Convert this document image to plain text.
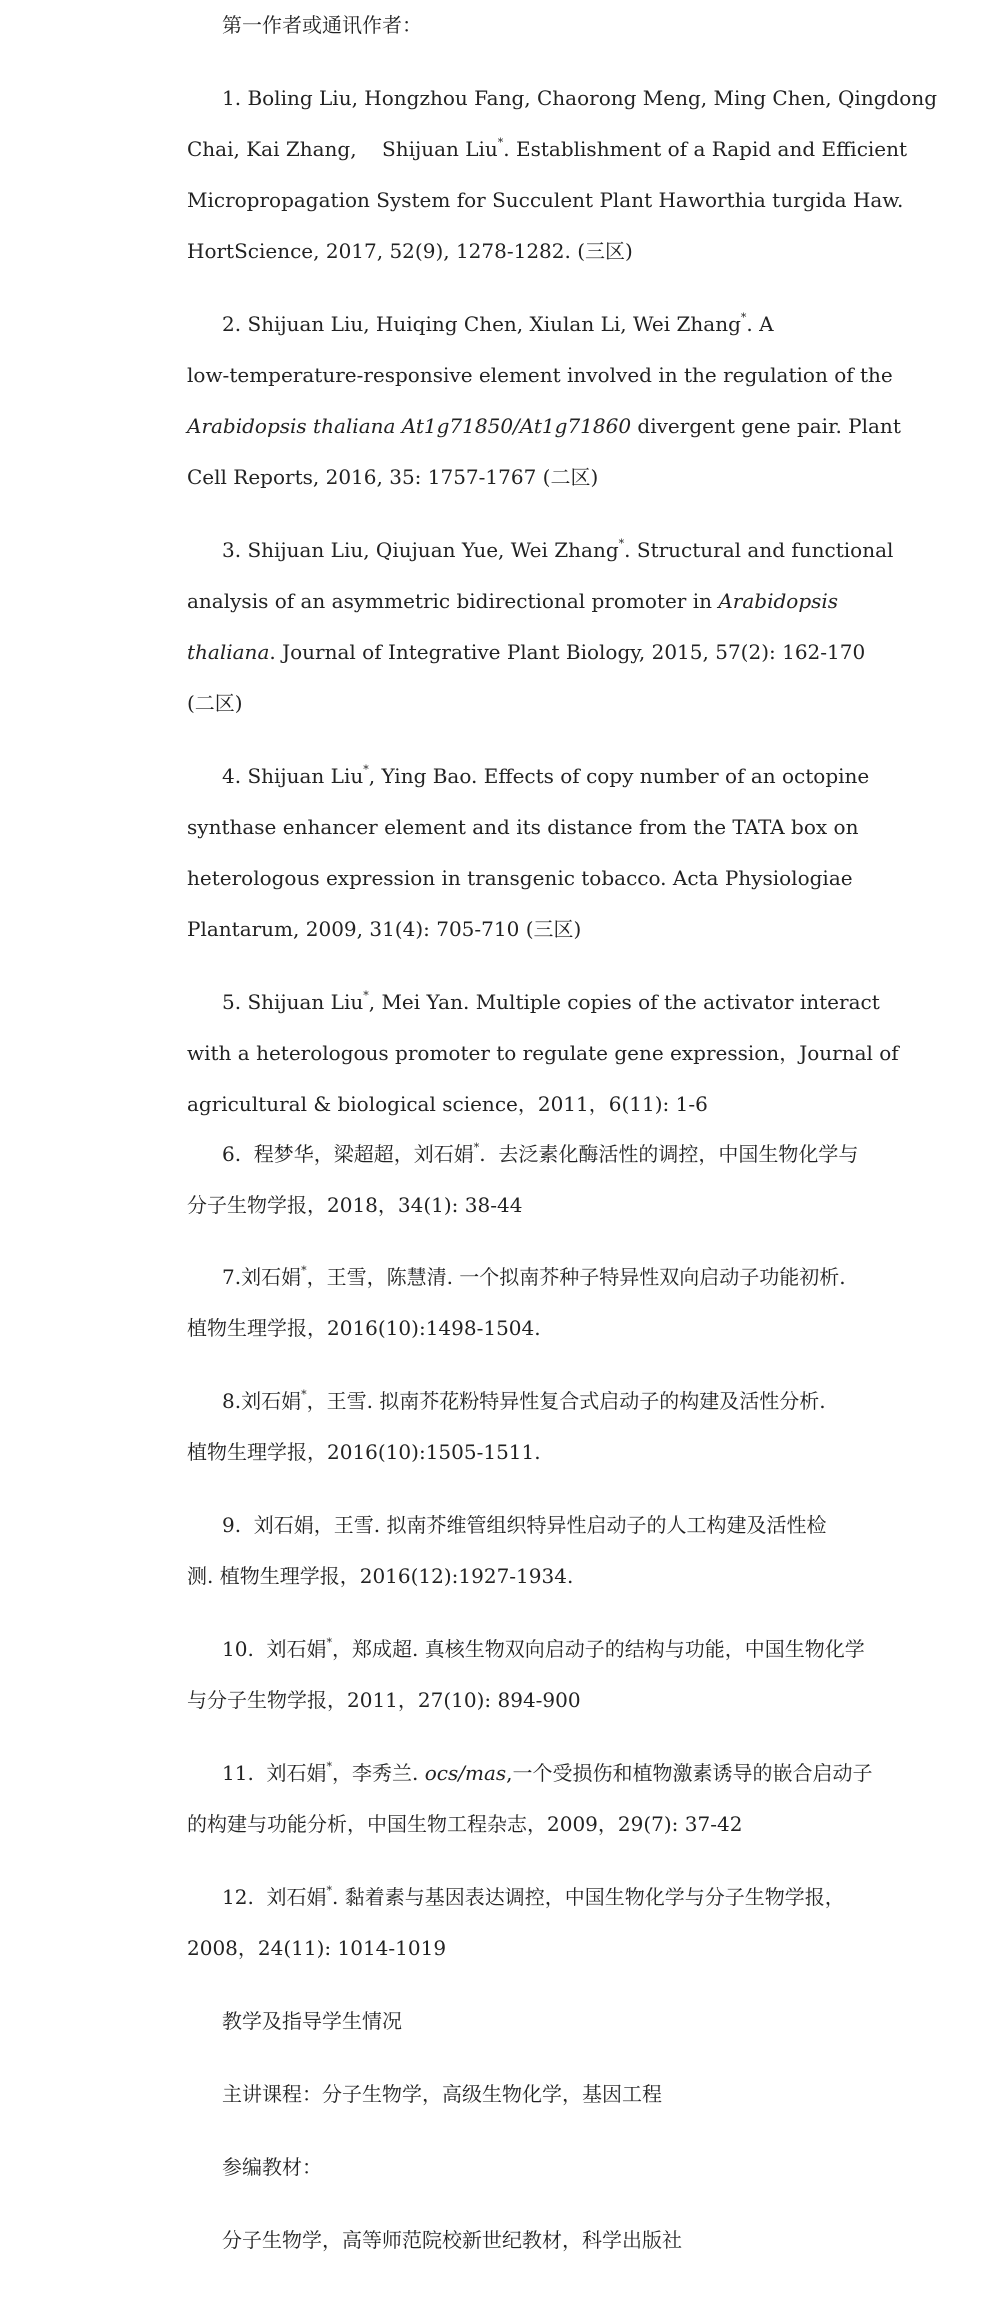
第一作者或通讯作者：
1. Boling Liu, Hongzhou Fang, Chaorong Meng, Ming Chen, Qingdong
Chai, Kai Zhang,    Shijuan Liu*. Establishment of a Rapid and Efficient
Micropropagation System for Succulent Plant Haworthia turgida Haw.
HortScience, 2017, 52(9), 1278-1282. (三区)
2. Shijuan Liu, Huiqing Chen, Xiulan Li, Wei Zhang*. A
low-temperature-responsive element involved in the regulation of the
Arabidopsis thaliana At1g71850/At1g71860 divergent gene pair. Plant
Cell Reports, 2016, 35: 1757-1767 (二区)
3. Shijuan Liu, Qiujuan Yue, Wei Zhang*. Structural and functional
analysis of an asymmetric bidirectional promoter in Arabidopsis
thaliana. Journal of Integrative Plant Biology, 2015, 57(2): 162-170
(二区)
4. Shijuan Liu*, Ying Bao. Effects of copy number of an octopine
synthase enhancer element and its distance from the TATA box on
heterologous expression in transgenic tobacco. Acta Physiologiae
Plantarum, 2009, 31(4): 705-710 (三区)
5. Shijuan Liu*, Mei Yan. Multiple copies of the activator interact
with a heterologous promoter to regulate gene expression，Journal of
agricultural & biological science，2011，6(11): 1-6
6.  程梦华，梁超超，刘石娟*.  去泛素化酶活性的调控，中国生物化学与
分子生物学报，2018，34(1): 38-44
7.刘石娟*，王雪，陈慧清. 一个拟南芥种子特异性双向启动子功能初析.
植物生理学报，2016(10):1498-1504.
8.刘石娟*，王雪. 拟南芥花粉特异性复合式启动子的构建及活性分析.
植物生理学报，2016(10):1505-1511.
9.  刘石娟，王雪. 拟南芥维管组织特异性启动子的人工构建及活性检
测. 植物生理学报，2016(12):1927-1934.
10.  刘石娟*，郑成超. 真核生物双向启动子的结构与功能，中国生物化学
与分子生物学报，2011，27(10): 894-900
11.  刘石娟*，李秀兰. ocs/mas,一个受损伤和植物激素诱导的嵌合启动子
的构建与功能分析，中国生物工程杂志，2009，29(7): 37-42
12.  刘石娟*. 黏着素与基因表达调控，中国生物化学与分子生物学报，
2008，24(11): 1014-1019
教学及指导学生情况
主讲课程：分子生物学，高级生物化学，基因工程
参编教材：
分子生物学，高等师范院校新世纪教材，科学出版社
